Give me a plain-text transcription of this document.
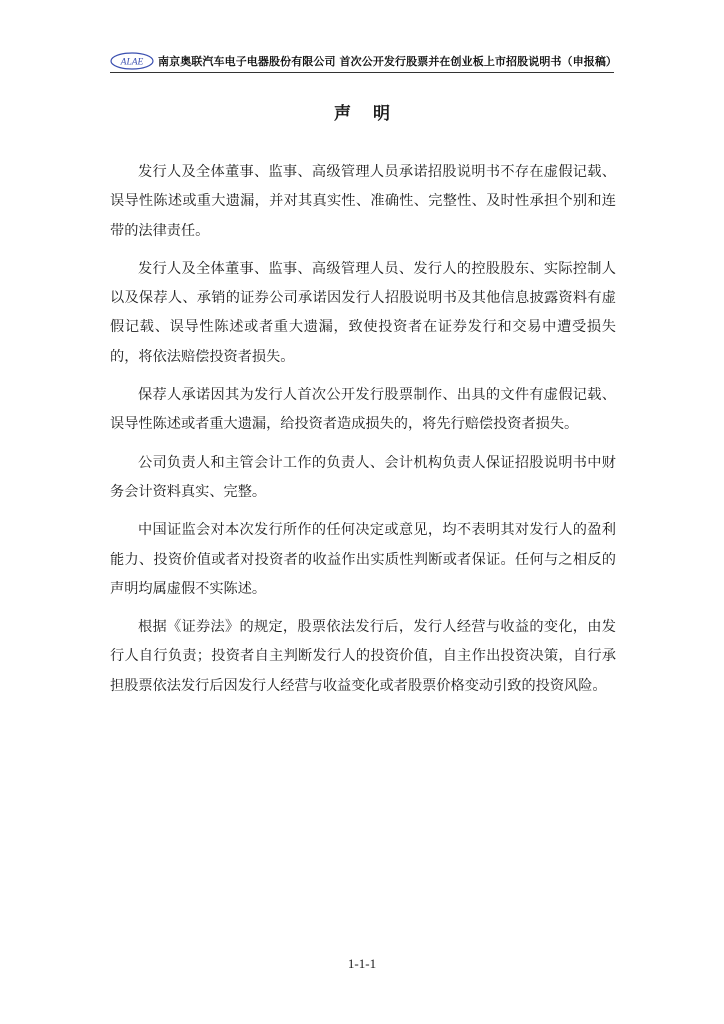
ALAE 南京奥联汽车电子电器股份有限公司 首次公开发行股票并在创业板上市招股说明书（申报稿）
声明

发行人及全体董事、监事、高级管理人员承诺招股说明书不存在虚假记载、误导性陈述或重大遗漏，并对其真实性、准确性、完整性、及时性承担个别和连带的法律责任。

发行人及全体董事、监事、高级管理人员、发行人的控股股东、实际控制人以及保荐人、承销的证券公司承诺因发行人招股说明书及其他信息披露资料有虚假记载、误导性陈述或者重大遗漏，致使投资者在证券发行和交易中遭受损失的，将依法赔偿投资者损失。

保荐人承诺因其为发行人首次公开发行股票制作、出具的文件有虚假记载、误导性陈述或者重大遗漏，给投资者造成损失的，将先行赔偿投资者损失。

公司负责人和主管会计工作的负责人、会计机构负责人保证招股说明书中财务会计资料真实、完整。

中国证监会对本次发行所作的任何决定或意见，均不表明其对发行人的盈利能力、投资价值或者对投资者的收益作出实质性判断或者保证。任何与之相反的声明均属虚假不实陈述。

根据《证券法》的规定，股票依法发行后，发行人经营与收益的变化，由发行人自行负责；投资者自主判断发行人的投资价值，自主作出投资决策，自行承担股票依法发行后因发行人经营与收益变化或者股票价格变动引致的投资风险。

1-1-1
